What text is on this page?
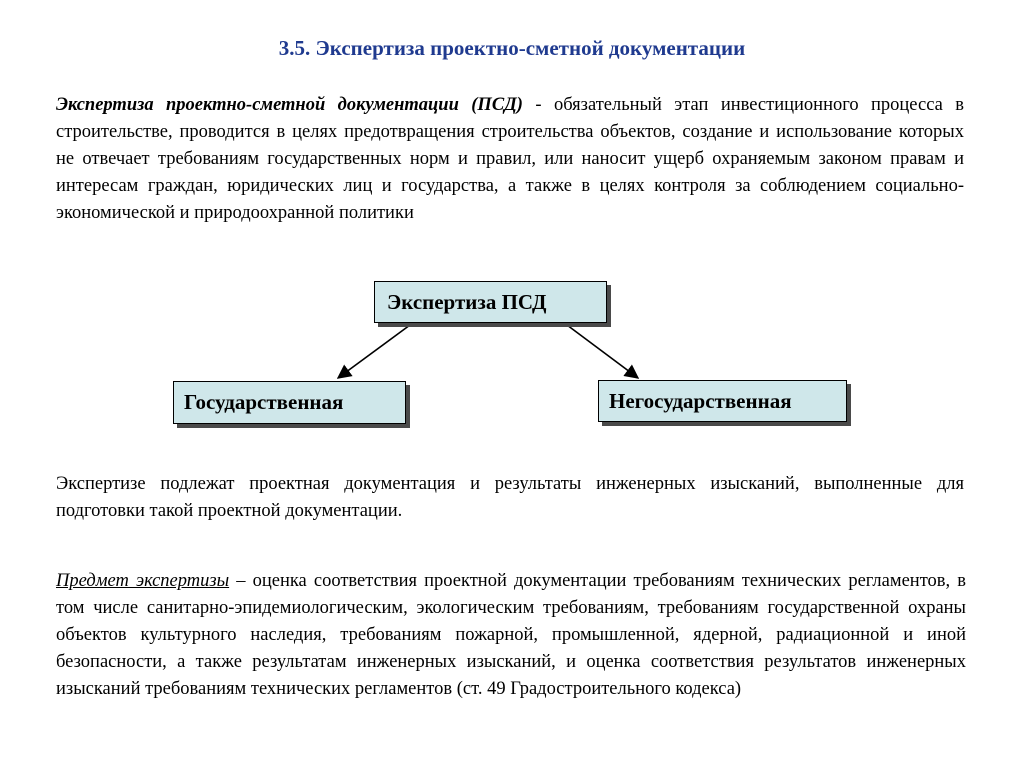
3.5. Экспертиза проектно-сметной документации

Экспертиза проектно-сметной документации (ПСД) - обязательный этап инвестиционного процесса в строительстве, проводится в целях предотвращения строительства объектов, создание и использование которых не отвечает требованиям государственных норм и правил, или наносит ущерб охраняемым законом правам и интересам граждан, юридических лиц и государства, а также в целях контроля за соблюдением социально-экономической и природоохранной политики

Экспертиза ПСД
Государственная	Негосударственная

Экспертизе подлежат проектная документация и результаты инженерных изысканий, выполненные для подготовки такой проектной документации.

Предмет экспертизы – оценка соответствия проектной документации требованиям технических регламентов, в том числе санитарно-эпидемиологическим, экологическим требованиям, требованиям государственной охраны объектов культурного наследия, требованиям пожарной, промышленной, ядерной, радиационной и иной безопасности, а также результатам инженерных изысканий, и оценка соответствия результатов инженерных изысканий требованиям технических регламентов (ст. 49 Градостроительного кодекса)
